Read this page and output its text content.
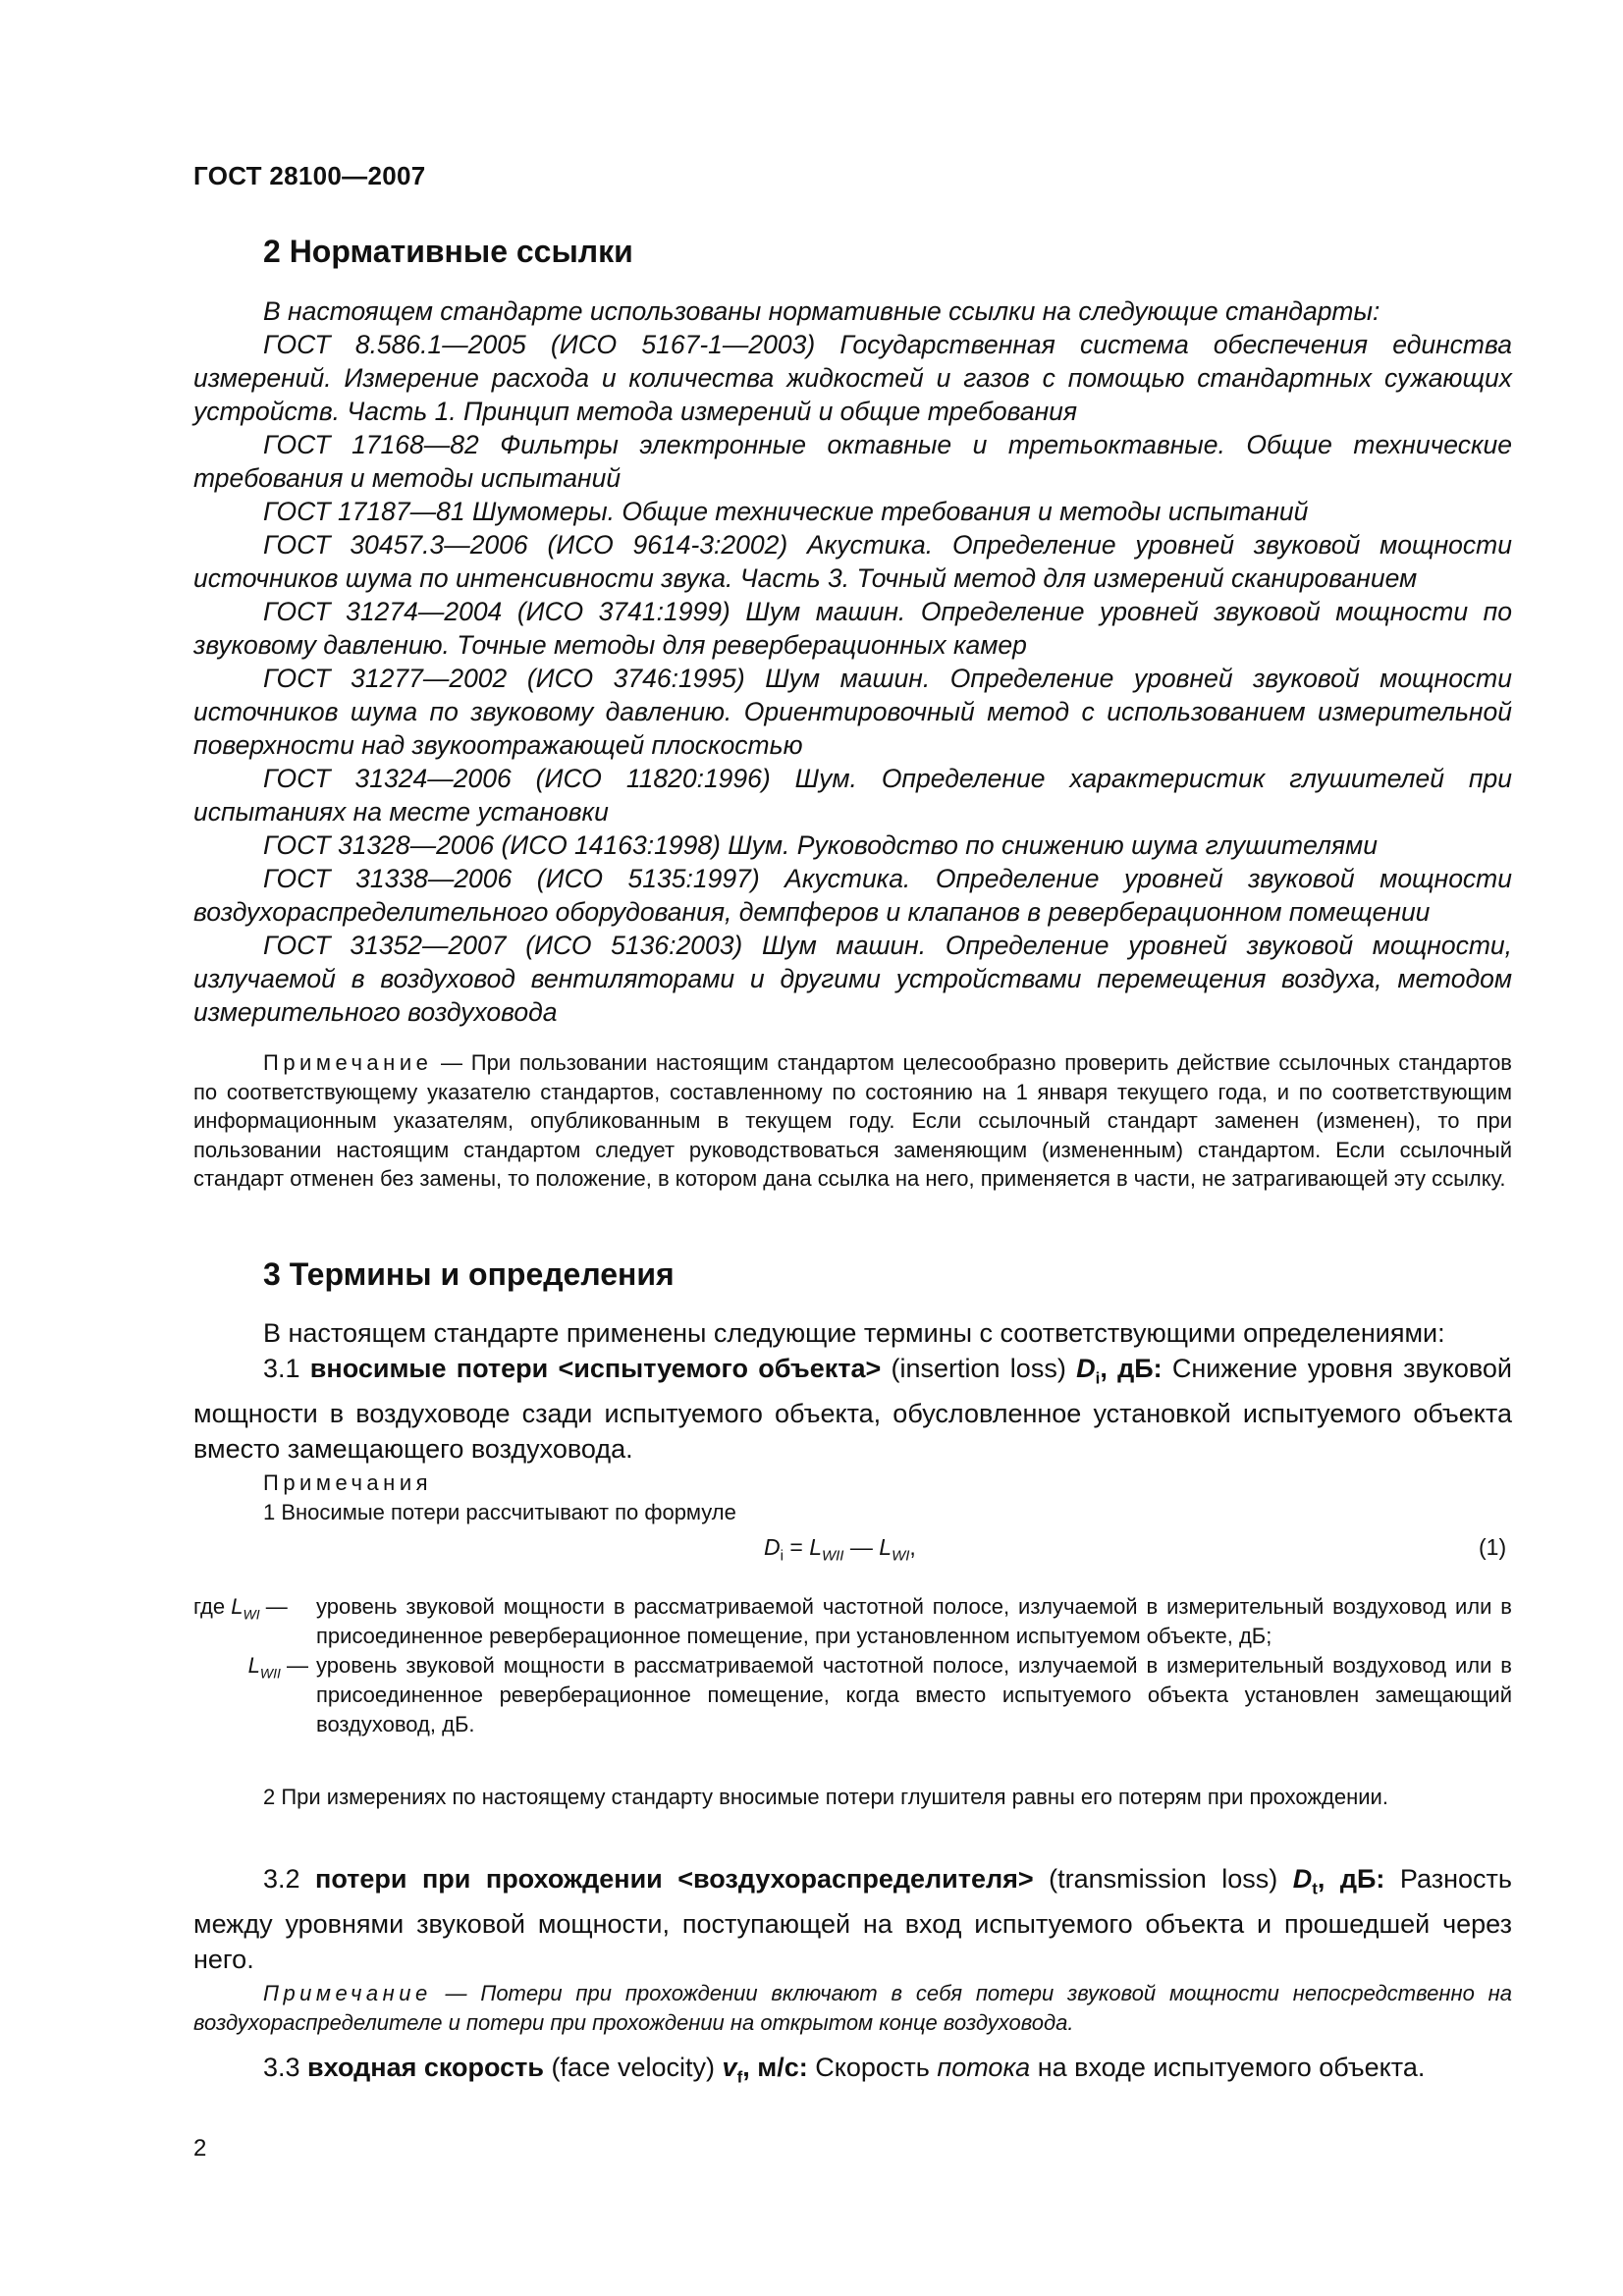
ГОСТ 28100—2007
2 Нормативные ссылки

В настоящем стандарте использованы нормативные ссылки на следующие стандарты:

ГОСТ 8.586.1—2005 (ИСО 5167-1—2003) Государственная система обеспечения единства измерений. Измерение расхода и количества жидкостей и газов с помощью стандартных сужающих устройств. Часть 1. Принцип метода измерений и общие требования

ГОСТ 17168—82 Фильтры электронные октавные и третьоктавные. Общие технические требования и методы испытаний

ГОСТ 17187—81 Шумомеры. Общие технические требования и методы испытаний

ГОСТ 30457.3—2006 (ИСО 9614-3:2002) Акустика. Определение уровней звуковой мощности источников шума по интенсивности звука. Часть 3. Точный метод для измерений сканированием

ГОСТ 31274—2004 (ИСО 3741:1999) Шум машин. Определение уровней звуковой мощности по звуковому давлению. Точные методы для реверберационных камер

ГОСТ 31277—2002 (ИСО 3746:1995) Шум машин. Определение уровней звуковой мощности источников шума по звуковому давлению. Ориентировочный метод с использованием измерительной поверхности над звукоотражающей плоскостью

ГОСТ 31324—2006 (ИСО 11820:1996) Шум. Определение характеристик глушителей при испытаниях на месте установки

ГОСТ 31328—2006 (ИСО 14163:1998) Шум. Руководство по снижению шума глушителями

ГОСТ 31338—2006 (ИСО 5135:1997) Акустика. Определение уровней звуковой мощности воздухораспределительного оборудования, демпферов и клапанов в реверберационном помещении

ГОСТ 31352—2007 (ИСО 5136:2003) Шум машин. Определение уровней звуковой мощности, излучаемой в воздуховод вентиляторами и другими устройствами перемещения воздуха, методом измерительного воздуховода

Примечание — При пользовании настоящим стандартом целесообразно проверить действие ссылочных стандартов по соответствующему указателю стандартов, составленному по состоянию на 1 января текущего года, и по соответствующим информационным указателям, опубликованным в текущем году. Если ссылочный стандарт заменен (изменен), то при пользовании настоящим стандартом следует руководствоваться заменяющим (измененным) стандартом. Если ссылочный стандарт отменен без замены, то положение, в котором дана ссылка на него, применяется в части, не затрагивающей эту ссылку.

3 Термины и определения

В настоящем стандарте применены следующие термины с соответствующими определениями:

3.1 вносимые потери <испытуемого объекта> (insertion loss) $D_i$, дБ: Снижение уровня звуковой мощности в воздуховоде сзади испытуемого объекта, обусловленное установкой испытуемого объекта вместо замещающего воздуховода.

Примечания

1 Вносимые потери рассчитывают по формуле

$D_i = L_{WII}$ — $L_{WI}$,	(1)
где $L_{WI}$ —	уровень звуковой мощности в рассматриваемой частотной полосе, излучаемой в измерительный воздуховод или в присоединенное реверберационное помещение, при установленном испытуемом объекте, дБ;
$L_{WII}$ — уровень звуковой мощности в рассматриваемой частотной полосе, излучаемой в измерительный воздуховод или в присоединенное реверберационное помещение, когда вместо испытуемого объекта установлен замещающий воздуховод, дБ.

2 При измерениях по настоящему стандарту вносимые потери глушителя равны его потерям при прохождении.

3.2 потери при прохождении <воздухораспределителя> (transmission loss) $D_t$, дБ: Разность между уровнями звуковой мощности, поступающей на вход испытуемого объекта и прошедшей через него.

Примечание — Потери при прохождении включают в себя потери звуковой мощности непосредственно на воздухораспределителе и потери при прохождении на открытом конце воздуховода.

3.3 входная скорость (face velocity) $v_f$, м/с: Скорость потока на входе испытуемого объекта.

2
